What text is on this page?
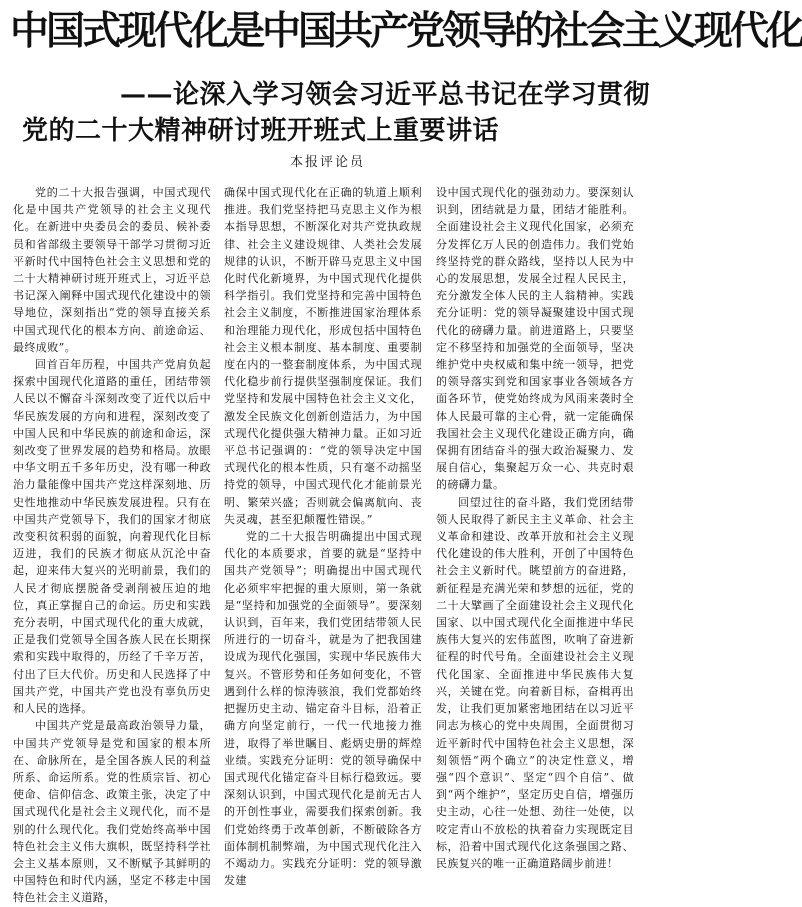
中国式现代化是中国共产党领导的社会主义现代化
——论深入学习领会习近平总书记在学习贯彻
党的二十大精神研讨班开班式上重要讲话
本报评论员

党的二十大报告强调，中国式现代化是中国共产党领导的社会主义现代化。在新进中央委员会的委员、候补委员和省部级主要领导干部学习贯彻习近平新时代中国特色社会主义思想和党的二十大精神研讨班开班式上，习近平总书记深入阐释中国式现代化建设中的领导地位，深刻指出“党的领导直接关系中国式现代化的根本方向、前途命运、最终成败”。

回首百年历程，中国共产党肩负起探索中国现代化道路的重任，团结带领人民以不懈奋斗深刻改变了近代以后中华民族发展的方向和进程，深刻改变了中国人民和中华民族的前途和命运，深刻改变了世界发展的趋势和格局。放眼中华文明五千多年历史，没有哪一种政治力量能像中国共产党这样深刻地、历史性地推动中华民族发展进程。只有在中国共产党领导下，我们的国家才彻底改变积贫积弱的面貌，向着现代化目标迈进，我们的民族才彻底从沉沦中奋起，迎来伟大复兴的光明前景，我们的人民才彻底摆脱备受剥削被压迫的地位，真正掌握自己的命运。历史和实践充分表明，中国式现代化的重大成就，正是我们党领导全国各族人民在长期探索和实践中取得的，历经了千辛万苦，付出了巨大代价。历史和人民选择了中国共产党，中国共产党也没有辜负历史和人民的选择。

中国共产党是最高政治领导力量，中国共产党领导是党和国家的根本所在、命脉所在，是全国各族人民的利益所系、命运所系。党的性质宗旨、初心使命、信仰信念、政策主张，决定了中国式现代化是社会主义现代化，而不是别的什么现代化。我们党始终高举中国特色社会主义伟大旗帜，既坚持科学社会主义基本原则，又不断赋予其鲜明的中国特色和时代内涵，坚定不移走中国特色社会主义道路，

确保中国式现代化在正确的轨道上顺利推进。我们党坚持把马克思主义作为根本指导思想，不断深化对共产党执政规律、社会主义建设规律、人类社会发展规律的认识，不断开辟马克思主义中国化时代化新境界，为中国式现代化提供科学指引。我们党坚持和完善中国特色社会主义制度，不断推进国家治理体系和治理能力现代化，形成包括中国特色社会主义根本制度、基本制度、重要制度在内的一整套制度体系，为中国式现代化稳步前行提供坚强制度保证。我们党坚持和发展中国特色社会主义文化，激发全民族文化创新创造活力，为中国式现代化提供强大精神力量。正如习近平总书记强调的：“党的领导决定中国式现代化的根本性质，只有毫不动摇坚持党的领导，中国式现代化才能前景光明、繁荣兴盛；否则就会偏离航向、丧失灵魂，甚至犯颠覆性错误。”

党的二十大报告明确提出中国式现代化的本质要求，首要的就是“坚持中国共产党领导”；明确提出中国式现代化必须牢牢把握的重大原则，第一条就是“坚持和加强党的全面领导”。要深刻认识到，百年来，我们党团结带领人民所进行的一切奋斗，就是为了把我国建设成为现代化强国，实现中华民族伟大复兴。不管形势和任务如何变化，不管遇到什么样的惊涛骇浪，我们党都始终把握历史主动、锚定奋斗目标，沿着正确方向坚定前行，一代一代地接力推进，取得了举世瞩目、彪炳史册的辉煌业绩。实践充分证明：党的领导确保中国式现代化锚定奋斗目标行稳致远。要深刻认识到，中国式现代化是前无古人的开创性事业，需要我们探索创新。我们党始终勇于改革创新，不断破除各方面体制机制弊端，为中国式现代化注入不竭动力。实践充分证明：党的领导激发建

设中国式现代化的强劲动力。要深刻认识到，团结就是力量，团结才能胜利。全面建设社会主义现代化国家，必须充分发挥亿万人民的创造伟力。我们党始终坚持党的群众路线，坚持以人民为中心的发展思想，发展全过程人民民主，充分激发全体人民的主人翁精神。实践充分证明：党的领导凝聚建设中国式现代化的磅礴力量。前进道路上，只要坚定不移坚持和加强党的全面领导，坚决维护党中央权威和集中统一领导，把党的领导落实到党和国家事业各领域各方面各环节，使党始终成为风雨来袭时全体人民最可靠的主心骨，就一定能确保我国社会主义现代化建设正确方向，确保拥有团结奋斗的强大政治凝聚力、发展自信心，集聚起万众一心、共克时艰的磅礴力量。

回望过往的奋斗路，我们党团结带领人民取得了新民主主义革命、社会主义革命和建设、改革开放和社会主义现代化建设的伟大胜利，开创了中国特色社会主义新时代。眺望前方的奋进路，新征程是充满光荣和梦想的远征，党的二十大擘画了全面建设社会主义现代化国家、以中国式现代化全面推进中华民族伟大复兴的宏伟蓝图，吹响了奋进新征程的时代号角。全面建设社会主义现代化国家、全面推进中华民族伟大复兴，关键在党。向着新目标，奋楫再出发，让我们更加紧密地团结在以习近平同志为核心的党中央周围，全面贯彻习近平新时代中国特色社会主义思想，深刻领悟“两个确立”的决定性意义，增强“四个意识”、坚定“四个自信”、做到“两个维护”，坚定历史自信，增强历史主动，心往一处想、劲往一处使，以咬定青山不放松的执着奋力实现既定目标，沿着中国式现代化这条强国之路、民族复兴的唯一正确道路阔步前进！
